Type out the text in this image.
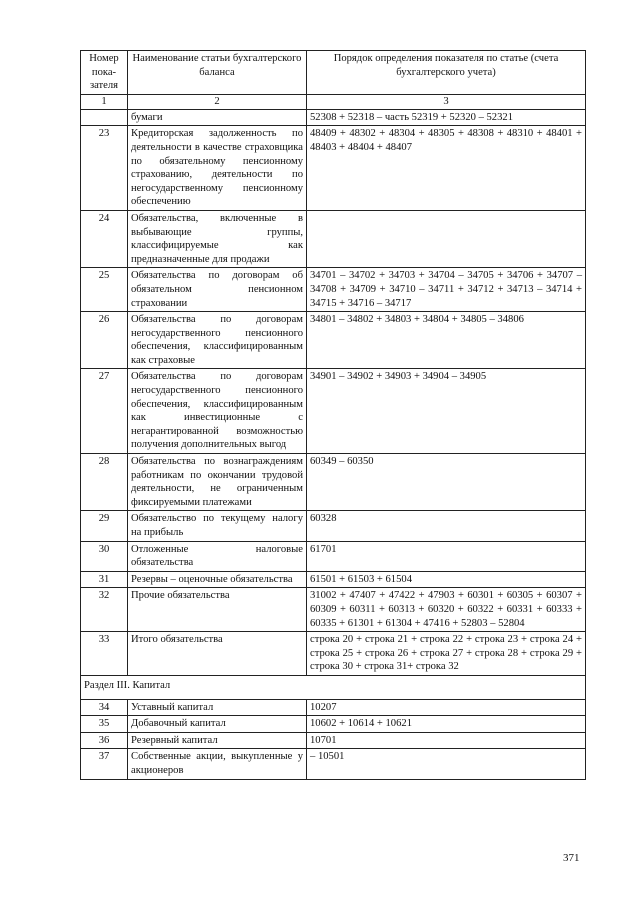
Номер пока-зателя	Наименование статьи бухгалтерского баланса	Порядок определения показателя по статье (счета бухгалтерского учета)
1	2	3
	бумаги	52308 + 52318 – часть 52319 + 52320 – 52321
23	Кредиторская задолженность по деятельности в качестве страховщика по обязательному пенсионному страхованию, деятельности по негосударственному пенсионному обеспечению	48409 + 48302 + 48304 + 48305 + 48308 + 48310 + 48401 + 48403 + 48404 + 48407
24	Обязательства, включенные в выбывающие группы, классифицируемые как предназначенные для продажи	
25	Обязательства по договорам об обязательном пенсионном страховании	34701 – 34702 + 34703 + 34704 – 34705 + 34706 + 34707 – 34708 + 34709 + 34710 – 34711 + 34712 + 34713 – 34714 + 34715 + 34716 – 34717
26	Обязательства по договорам негосударственного пенсионного обеспечения, классифицированным как страховые	34801 – 34802 + 34803 + 34804 + 34805 – 34806
27	Обязательства по договорам негосударственного пенсионного обеспечения, классифицированным как инвестиционные с негарантированной возможностью получения дополнительных выгод	34901 – 34902 + 34903 + 34904 – 34905
28	Обязательства по вознаграждениям работникам по окончании трудовой деятельности, не ограниченным фиксируемыми платежами	60349 – 60350
29	Обязательство по текущему налогу на прибыль	60328
30	Отложенные налоговые обязательства	61701
31	Резервы – оценочные обязательства	61501 + 61503 + 61504
32	Прочие обязательства	31002 + 47407 + 47422 + 47903 + 60301 + 60305 + 60307 + 60309 + 60311 + 60313 + 60320 + 60322 + 60331 + 60333 + 60335 + 61301 + 61304 + 47416 + 52803 – 52804
33	Итого обязательства	строка 20 + строка 21 + строка 22 + строка 23 + строка 24 + строка 25 + строка 26 + строка 27 + строка 28 + строка 29 + строка 30 + строка 31+ строка 32
Раздел III. Капитал		
34	Уставный капитал	10207
35	Добавочный капитал	10602 + 10614 + 10621
36	Резервный капитал	10701
37	Собственные акции, выкупленные у акционеров	– 10501
371
